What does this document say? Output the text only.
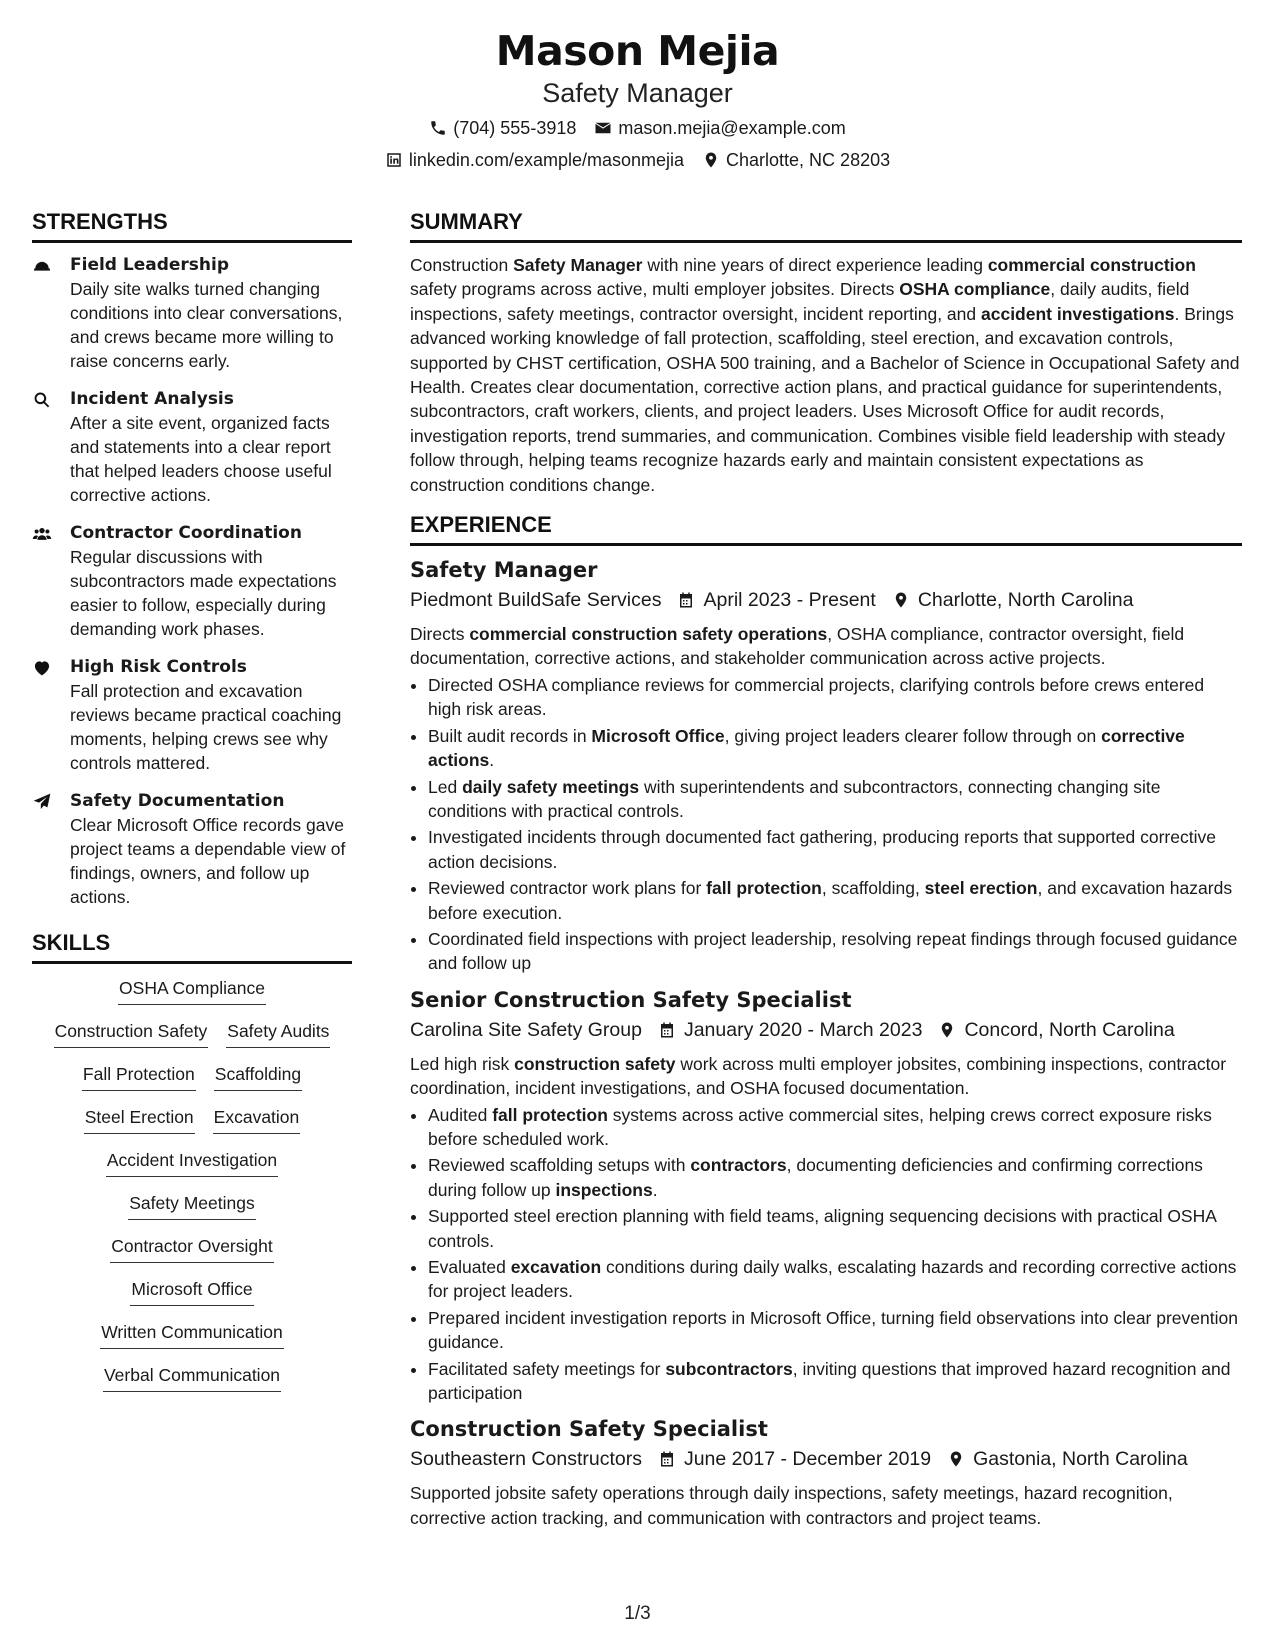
Mason Mejia
Safety Manager
(704) 555-3918 mason.mejia@example.com
linkedin.com/example/masonmejia Charlotte, NC 28203
STRENGTHS
Field Leadership
Daily site walks turned changing conditions into clear conversations, and crews became more willing to raise concerns early.
Incident Analysis
After a site event, organized facts and statements into a clear report that helped leaders choose useful corrective actions.
Contractor Coordination
Regular discussions with subcontractors made expectations easier to follow, especially during demanding work phases.
High Risk Controls
Fall protection and excavation reviews became practical coaching moments, helping crews see why controls mattered.
Safety Documentation
Clear Microsoft Office records gave project teams a dependable view of findings, owners, and follow up actions.
SKILLS
OSHA Compliance
Construction Safety Safety Audits
Fall Protection Scaffolding
Steel Erection Excavation
Accident Investigation
Safety Meetings
Contractor Oversight
Microsoft Office
Written Communication
Verbal Communication
SUMMARY

Construction Safety Manager with nine years of direct experience leading commercial construction safety programs across active, multi employer jobsites. Directs OSHA compliance, daily audits, field inspections, safety meetings, contractor oversight, incident reporting, and accident investigations. Brings advanced working knowledge of fall protection, scaffolding, steel erection, and excavation controls, supported by CHST certification, OSHA 500 training, and a Bachelor of Science in Occupational Safety and Health. Creates clear documentation, corrective action plans, and practical guidance for superintendents, subcontractors, craft workers, clients, and project leaders. Uses Microsoft Office for audit records, investigation reports, trend summaries, and communication. Combines visible field leadership with steady follow through, helping teams recognize hazards early and maintain consistent expectations as construction conditions change.

EXPERIENCE
Safety Manager
Piedmont BuildSafe Services April 2023 - Present Charlotte, North Carolina
Directs commercial construction safety operations, OSHA compliance, contractor oversight, field documentation, corrective actions, and stakeholder communication across active projects.
• Directed OSHA compliance reviews for commercial projects, clarifying controls before crews entered high risk areas.
• Built audit records in Microsoft Office, giving project leaders clearer follow through on corrective actions.
• Led daily safety meetings with superintendents and subcontractors, connecting changing site conditions with practical controls.
• Investigated incidents through documented fact gathering, producing reports that supported corrective action decisions.
• Reviewed contractor work plans for fall protection, scaffolding, steel erection, and excavation hazards before execution.
• Coordinated field inspections with project leadership, resolving repeat findings through focused guidance and follow up
Senior Construction Safety Specialist
Carolina Site Safety Group January 2020 - March 2023 Concord, North Carolina
Led high risk construction safety work across multi employer jobsites, combining inspections, contractor coordination, incident investigations, and OSHA focused documentation.
• Audited fall protection systems across active commercial sites, helping crews correct exposure risks before scheduled work.
• Reviewed scaffolding setups with contractors, documenting deficiencies and confirming corrections during follow up inspections.
• Supported steel erection planning with field teams, aligning sequencing decisions with practical OSHA controls.
• Evaluated excavation conditions during daily walks, escalating hazards and recording corrective actions for project leaders.
• Prepared incident investigation reports in Microsoft Office, turning field observations into clear prevention guidance.
• Facilitated safety meetings for subcontractors, inviting questions that improved hazard recognition and participation
Construction Safety Specialist
Southeastern Constructors June 2017 - December 2019 Gastonia, North Carolina
Supported jobsite safety operations through daily inspections, safety meetings, hazard recognition, corrective action tracking, and communication with contractors and project teams.
1/3
